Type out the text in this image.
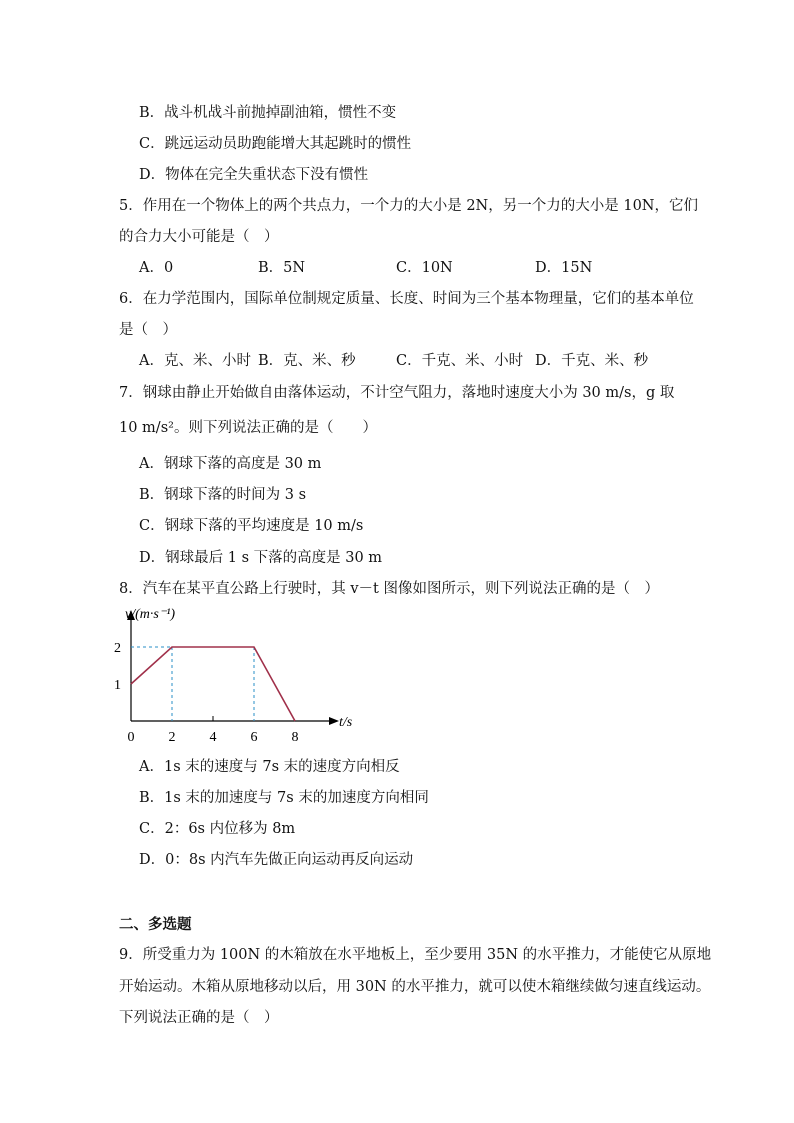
B．战斗机战斗前抛掉副油箱，惯性不变
C．跳远运动员助跑能增大其起跳时的惯性
D．物体在完全失重状态下没有惯性
5．作用在一个物体上的两个共点力，一个力的大小是 2N，另一个力的大小是 10N，它们
的合力大小可能是（　）
A．0	B．5N	C．10N	D．15N
6．在力学范围内，国际单位制规定质量、长度、时间为三个基本物理量，它们的基本单位
是（　）
A．克、米、小时 B．克、米、秒	C．千克、米、小时 D．千克、米、秒
7．钢球由静止开始做自由落体运动，不计空气阻力，落地时速度大小为 30 m/s，g 取
10 m/s²。则下列说法正确的是（　　）
A．钢球下落的高度是 30 m
B．钢球下落的时间为 3 s
C．钢球下落的平均速度是 10 m/s
D．钢球最后 1 s 下落的高度是 30 m
8．汽车在某平直公路上行驶时，其 v－t 图像如图所示，则下列说法正确的是（　）
2
1
0 2 4 6 8
v/(m·s⁻¹)
t/s
A．1s 末的速度与 7s 末的速度方向相反
B．1s 末的加速度与 7s 末的加速度方向相同
C．2：6s 内位移为 8m
D．0：8s 内汽车先做正向运动再反向运动
二、多选题
9．所受重力为 100N 的木箱放在水平地板上，至少要用 35N 的水平推力，才能使它从原地
开始运动。木箱从原地移动以后，用 30N 的水平推力，就可以使木箱继续做匀速直线运动。
下列说法正确的是（　）
